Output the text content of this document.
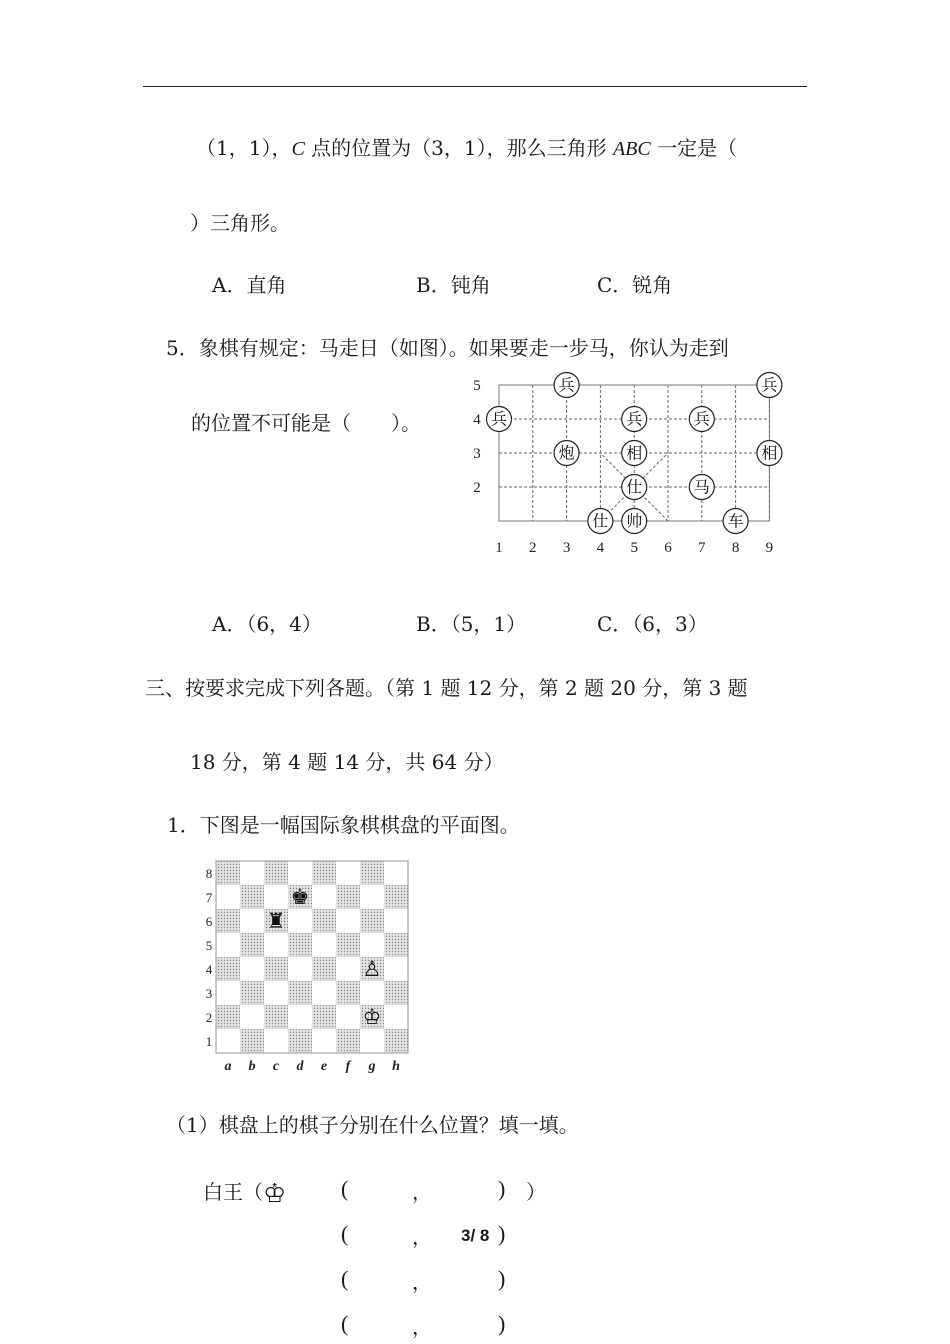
（1，1），C 点的位置为（3，1），那么三角形 ABC 一定是（
）三角形。
A．直角	B．钝角	C．锐角
5．象棋有规定：马走日（如图）。如果要走一步马，你认为走到
的位置不可能是（　　）。
1 2 3 4 5 6 7 8 9
5
4
3
2
兵	兵
兵	兵	兵
炮	相	相
仕	马
仕 帅	车
A．（6，4）	B．（5，1）	C．（6，3）
三、按要求完成下列各题。（第 1 题 12 分，第 2 题 20 分，第 3 题
18 分，第 4 题 14 分，共 64 分）
1．下图是一幅国际象棋棋盘的平面图。
8
7
6
5
4
3
2
1
a b c d e f g h
♚
♜
♙
♔
（1）棋盘上的棋子分别在什么位置？填一填。
白王（♔ (	，	) ）
(	， 3/ 8 )
(	，	)
(	，	)
